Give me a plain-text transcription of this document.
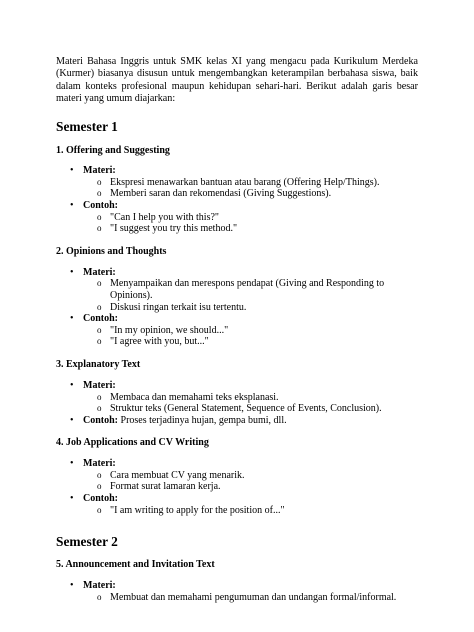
Materi Bahasa Inggris untuk SMK kelas XI yang mengacu pada Kurikulum Merdeka (Kurmer) biasanya disusun untuk mengembangkan keterampilan berbahasa siswa, baik dalam konteks profesional maupun kehidupan sehari-hari. Berikut adalah garis besar materi yang umum diajarkan:

Semester 1
1. Offering and Suggesting
• Materi:
o Ekspresi menawarkan bantuan atau barang (Offering Help/Things).
o Memberi saran dan rekomendasi (Giving Suggestions).
• Contoh:
o "Can I help you with this?"
o "I suggest you try this method."
2. Opinions and Thoughts
• Materi:
o Menyampaikan dan merespons pendapat (Giving and Responding to Opinions).
o Diskusi ringan terkait isu tertentu.
• Contoh:
o "In my opinion, we should..."
o "I agree with you, but..."
3. Explanatory Text
• Materi:
o Membaca dan memahami teks eksplanasi.
o Struktur teks (General Statement, Sequence of Events, Conclusion).
• Contoh: Proses terjadinya hujan, gempa bumi, dll.
4. Job Applications and CV Writing
• Materi:
o Cara membuat CV yang menarik.
o Format surat lamaran kerja.
• Contoh:
o "I am writing to apply for the position of..."
Semester 2
5. Announcement and Invitation Text
• Materi:
o Membuat dan memahami pengumuman dan undangan formal/informal.
